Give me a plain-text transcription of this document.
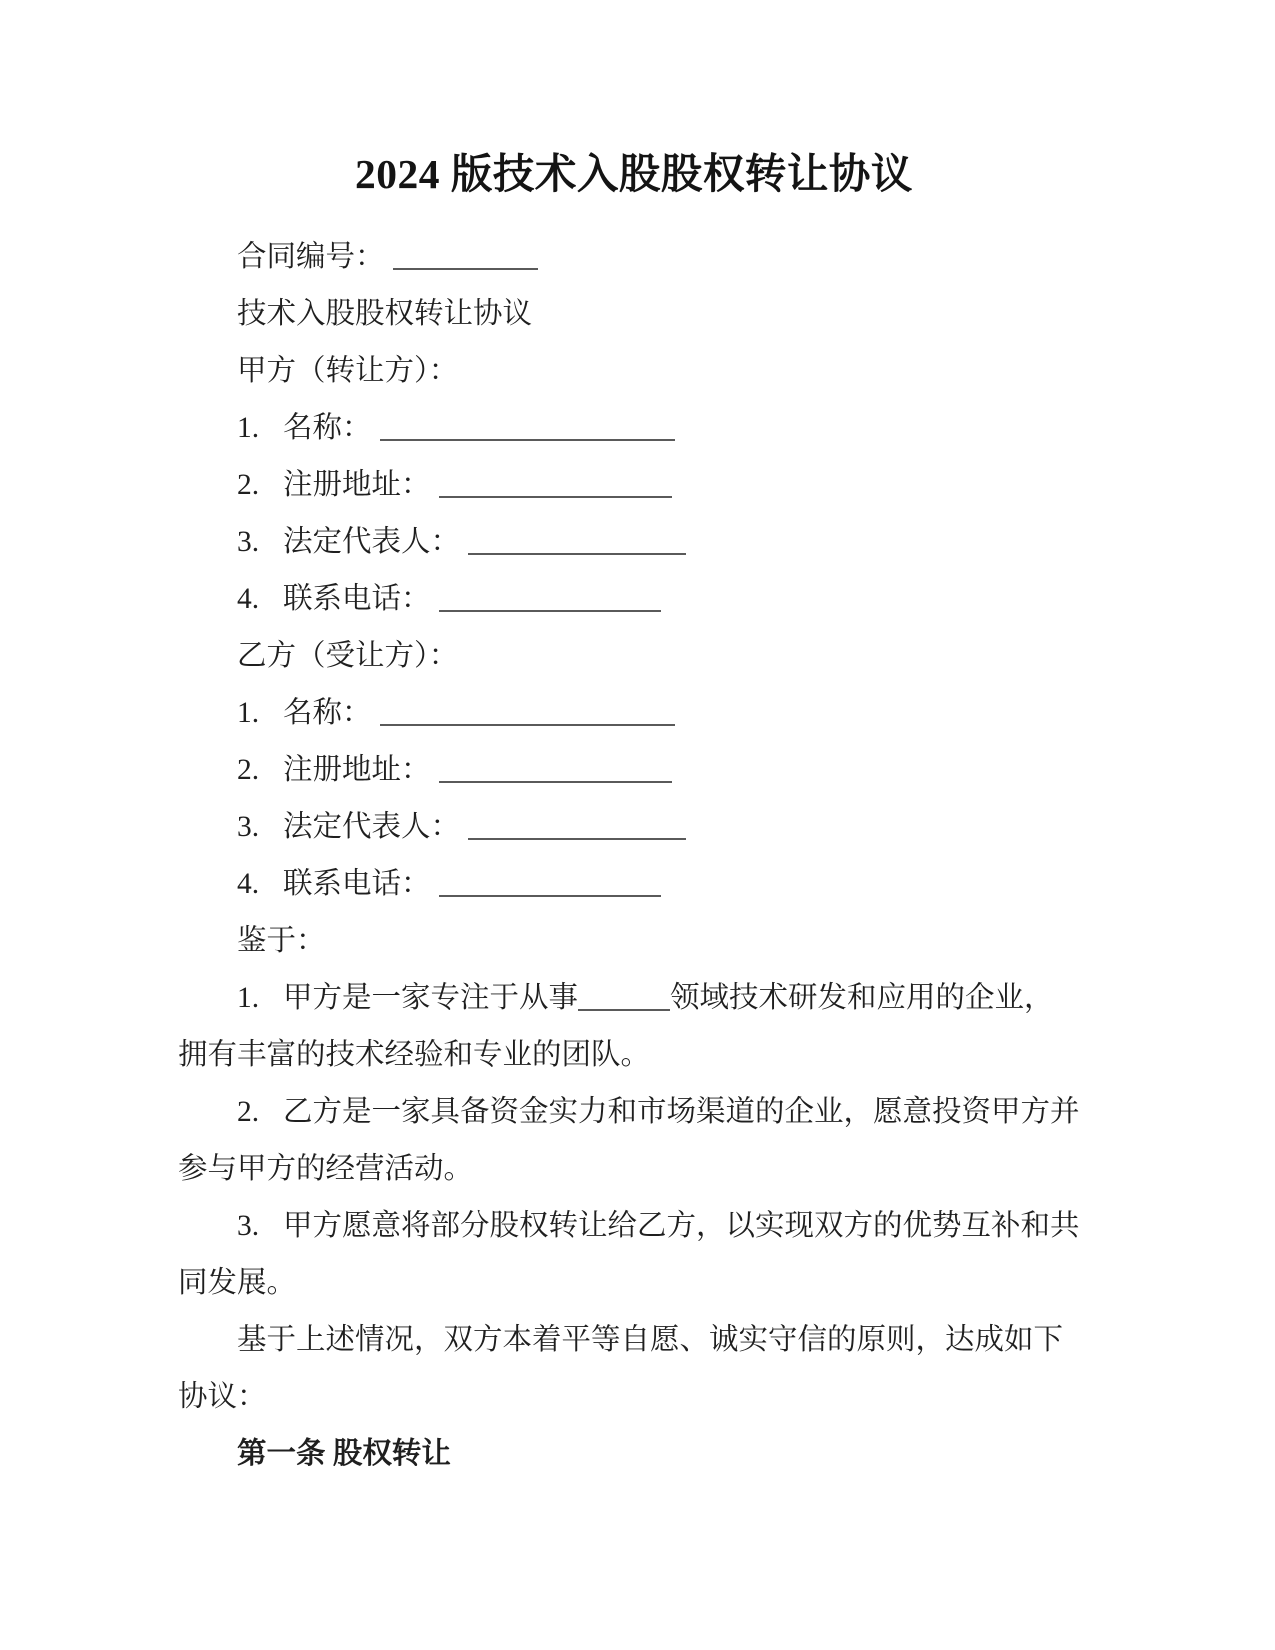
2024 版技术入股股权转让协议

合同编号：

技术入股股权转让协议

甲方（转让方）：

1. 名称：

2. 注册地址：

3. 法定代表人：

4. 联系电话：

乙方（受让方）：

1. 名称：

2. 注册地址：

3. 法定代表人：

4. 联系电话：

鉴于：

1. 甲方是一家专注于从事	领域技术研发和应用的企业，
拥有丰富的技术经验和专业的团队。

2. 乙方是一家具备资金实力和市场渠道的企业，愿意投资甲方并
参与甲方的经营活动。

3. 甲方愿意将部分股权转让给乙方，以实现双方的优势互补和共
同发展。

基于上述情况，双方本着平等自愿、诚实守信的原则，达成如下
协议：

第一条 股权转让
